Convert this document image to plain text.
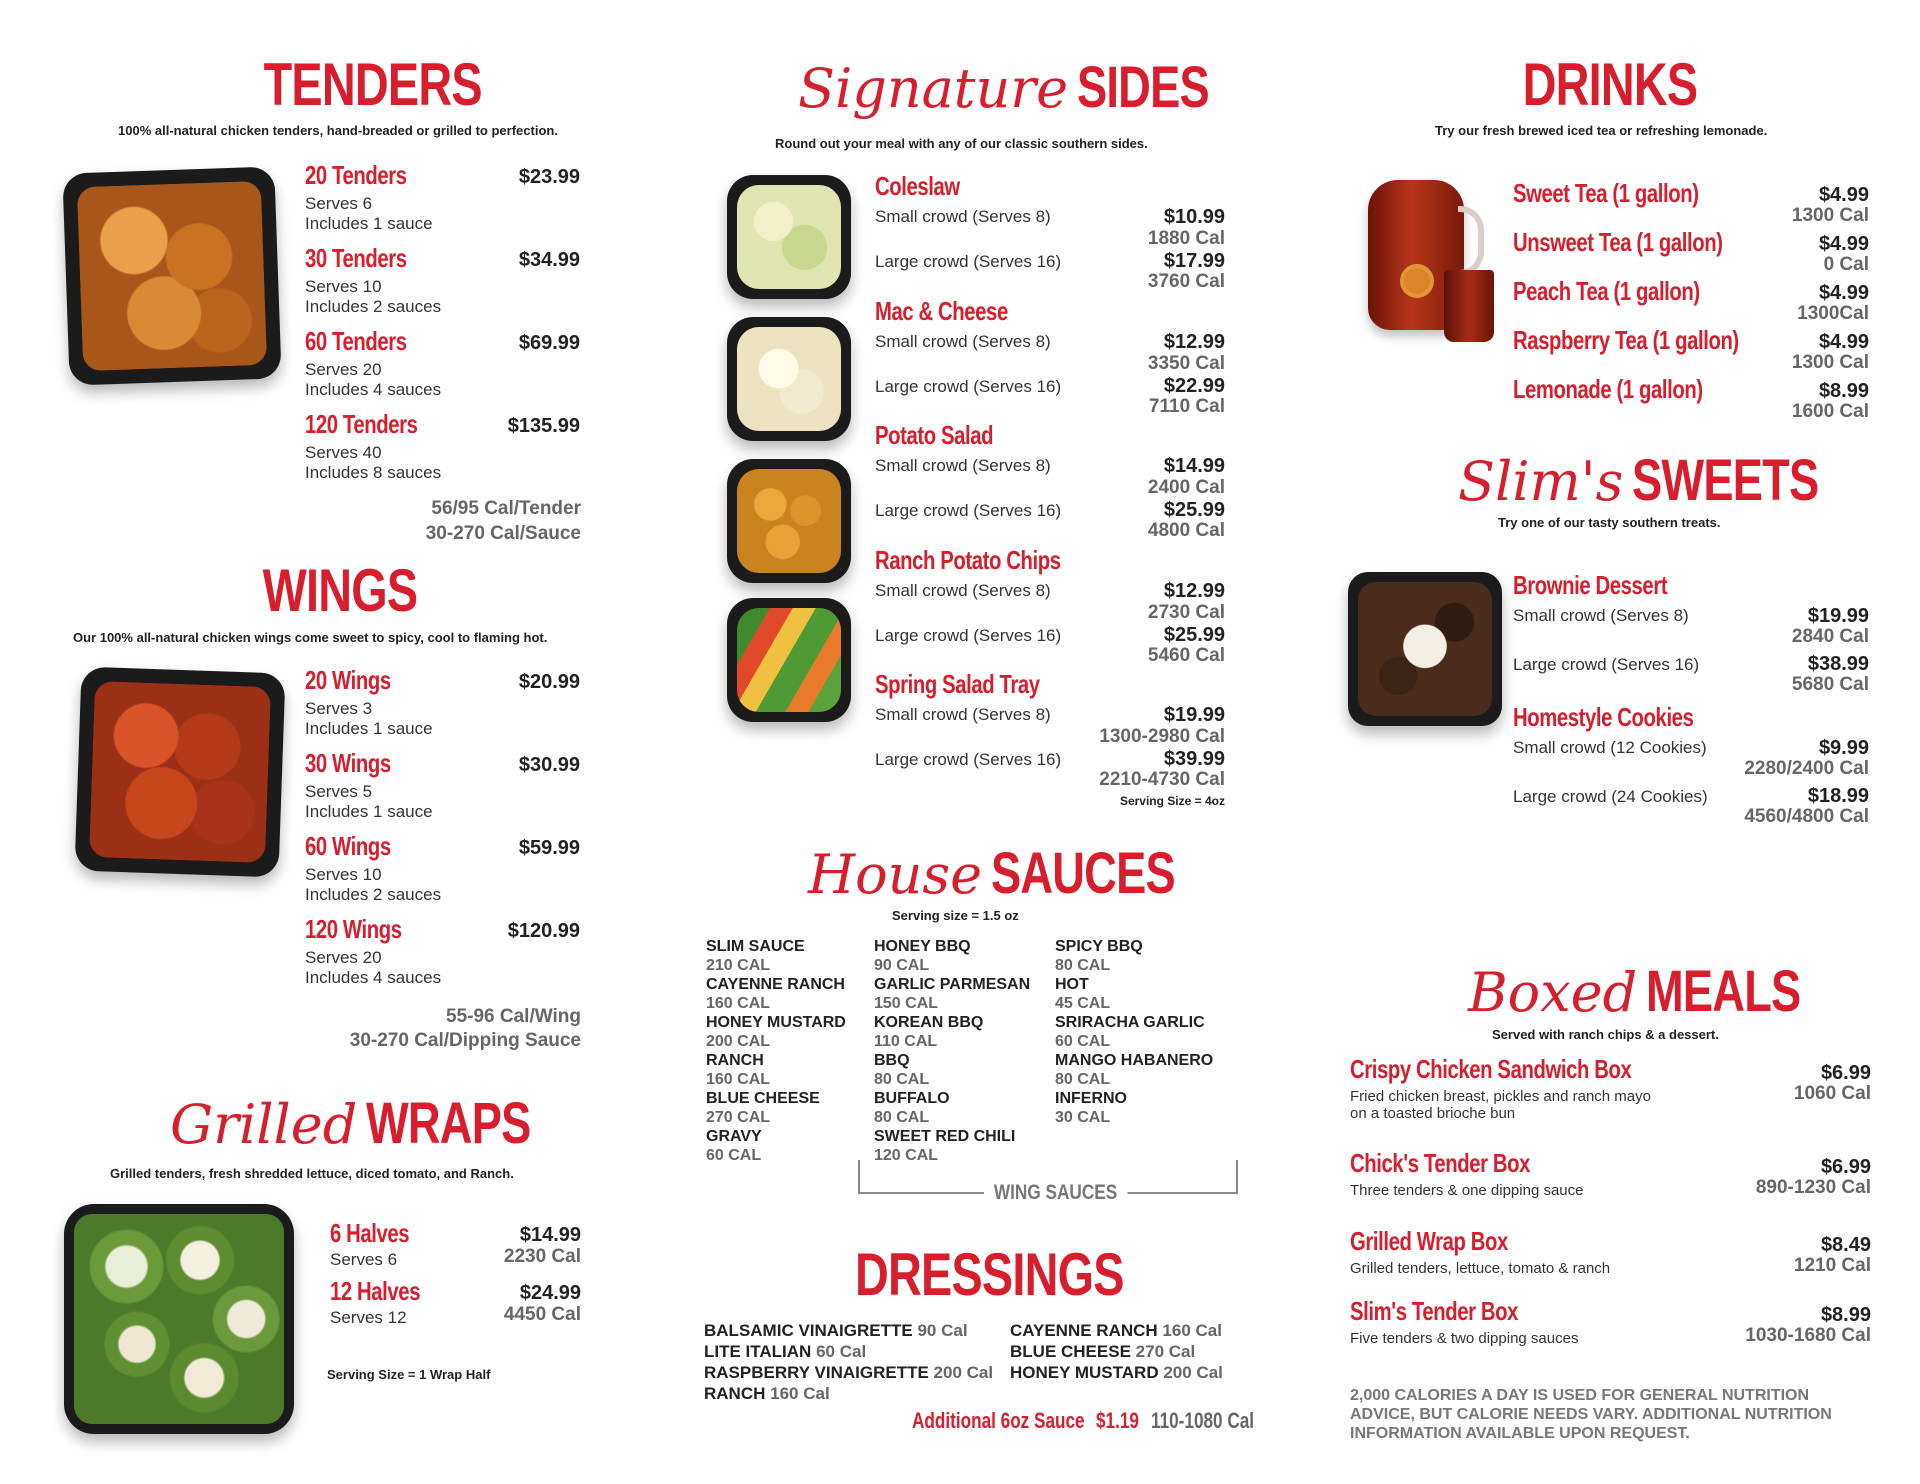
TENDERS
100% all-natural chicken tenders, hand-breaded or grilled to perfection.
20 Tenders	$23.99
Serves 6
Includes 1 sauce
30 Tenders	$34.99
Serves 10
Includes 2 sauces
60 Tenders	$69.99
Serves 20
Includes 4 sauces
120 Tenders	$135.99
Serves 40
Includes 8 sauces
56/95 Cal/Tender
30-270 Cal/Sauce
WINGS
Our 100% all-natural chicken wings come sweet to spicy, cool to flaming hot.
20 Wings	$20.99
Serves 3
Includes 1 sauce
30 Wings	$30.99
Serves 5
Includes 1 sauce
60 Wings	$59.99
Serves 10
Includes 2 sauces
120 Wings	$120.99
Serves 20
Includes 4 sauces
55-96 Cal/Wing
30-270 Cal/Dipping Sauce
Grilled WRAPS
Grilled tenders, fresh shredded lettuce, diced tomato, and Ranch.
6 Halves	$14.99
Serves 6	2230 Cal
12 Halves	$24.99
Serves 12	4450 Cal
Serving Size = 1 Wrap Half
Signature SIDES
Round out your meal with any of our classic southern sides.
Coleslaw
Small crowd (Serves 8)	$10.99
1880 Cal
Large crowd (Serves 16)	$17.99
3760 Cal
Mac & Cheese
Small crowd (Serves 8)	$12.99
3350 Cal
Large crowd (Serves 16)	$22.99
7110 Cal
Potato Salad
Small crowd (Serves 8)	$14.99
2400 Cal
Large crowd (Serves 16)	$25.99
4800 Cal
Ranch Potato Chips
Small crowd (Serves 8)	$12.99
2730 Cal
Large crowd (Serves 16)	$25.99
5460 Cal
Spring Salad Tray
Small crowd (Serves 8)	$19.99
1300-2980 Cal
Large crowd (Serves 16)	$39.99
2210-4730 Cal
Serving Size = 4oz
House SAUCES
Serving size = 1.5 oz
SLIM SAUCE
210 CAL
CAYENNE RANCH
160 CAL
HONEY MUSTARD
200 CAL
RANCH
160 CAL
BLUE CHEESE
270 CAL
GRAVY
60 CAL
HONEY BBQ
90 CAL
GARLIC PARMESAN
150 CAL
KOREAN BBQ
110 CAL
BBQ
80 CAL
BUFFALO
80 CAL
SWEET RED CHILI
120 CAL
SPICY BBQ
80 CAL
HOT
45 CAL
SRIRACHA GARLIC
60 CAL
MANGO HABANERO
80 CAL
INFERNO
30 CAL
WING SAUCES
DRESSINGS
BALSAMIC VINAIGRETTE 90 Cal
LITE ITALIAN 60 Cal
RASPBERRY VINAIGRETTE 200 Cal
RANCH 160 Cal
CAYENNE RANCH 160 Cal
BLUE CHEESE 270 Cal
HONEY MUSTARD 200 Cal
Additional 6oz Sauce $1.19 110-1080 Cal
DRINKS
Try our fresh brewed iced tea or refreshing lemonade.
Sweet Tea (1 gallon)	$4.99
1300 Cal
Unsweet Tea (1 gallon)	$4.99
0 Cal
Peach Tea (1 gallon)	$4.99
1300Cal
Raspberry Tea (1 gallon)	$4.99
1300 Cal
Lemonade (1 gallon)	$8.99
1600 Cal
Slim's SWEETS
Try one of our tasty southern treats.
Brownie Dessert
Small crowd (Serves 8)	$19.99
2840 Cal
Large crowd (Serves 16)	$38.99
5680 Cal
Homestyle Cookies
Small crowd (12 Cookies)	$9.99
2280/2400 Cal
Large crowd (24 Cookies)	$18.99
4560/4800 Cal
Boxed MEALS
Served with ranch chips & a dessert.
Crispy Chicken Sandwich Box
Fried chicken breast, pickles and ranch mayo
on a toasted brioche bun
$6.99
1060 Cal
Chick's Tender Box
Three tenders & one dipping sauce
$6.99
890-1230 Cal
Grilled Wrap Box
Grilled tenders, lettuce, tomato & ranch
$8.49
1210 Cal
Slim's Tender Box
Five tenders & two dipping sauces
$8.99
1030-1680 Cal
2,000 CALORIES A DAY IS USED FOR GENERAL NUTRITION
ADVICE, BUT CALORIE NEEDS VARY. ADDITIONAL NUTRITION
INFORMATION AVAILABLE UPON REQUEST.
